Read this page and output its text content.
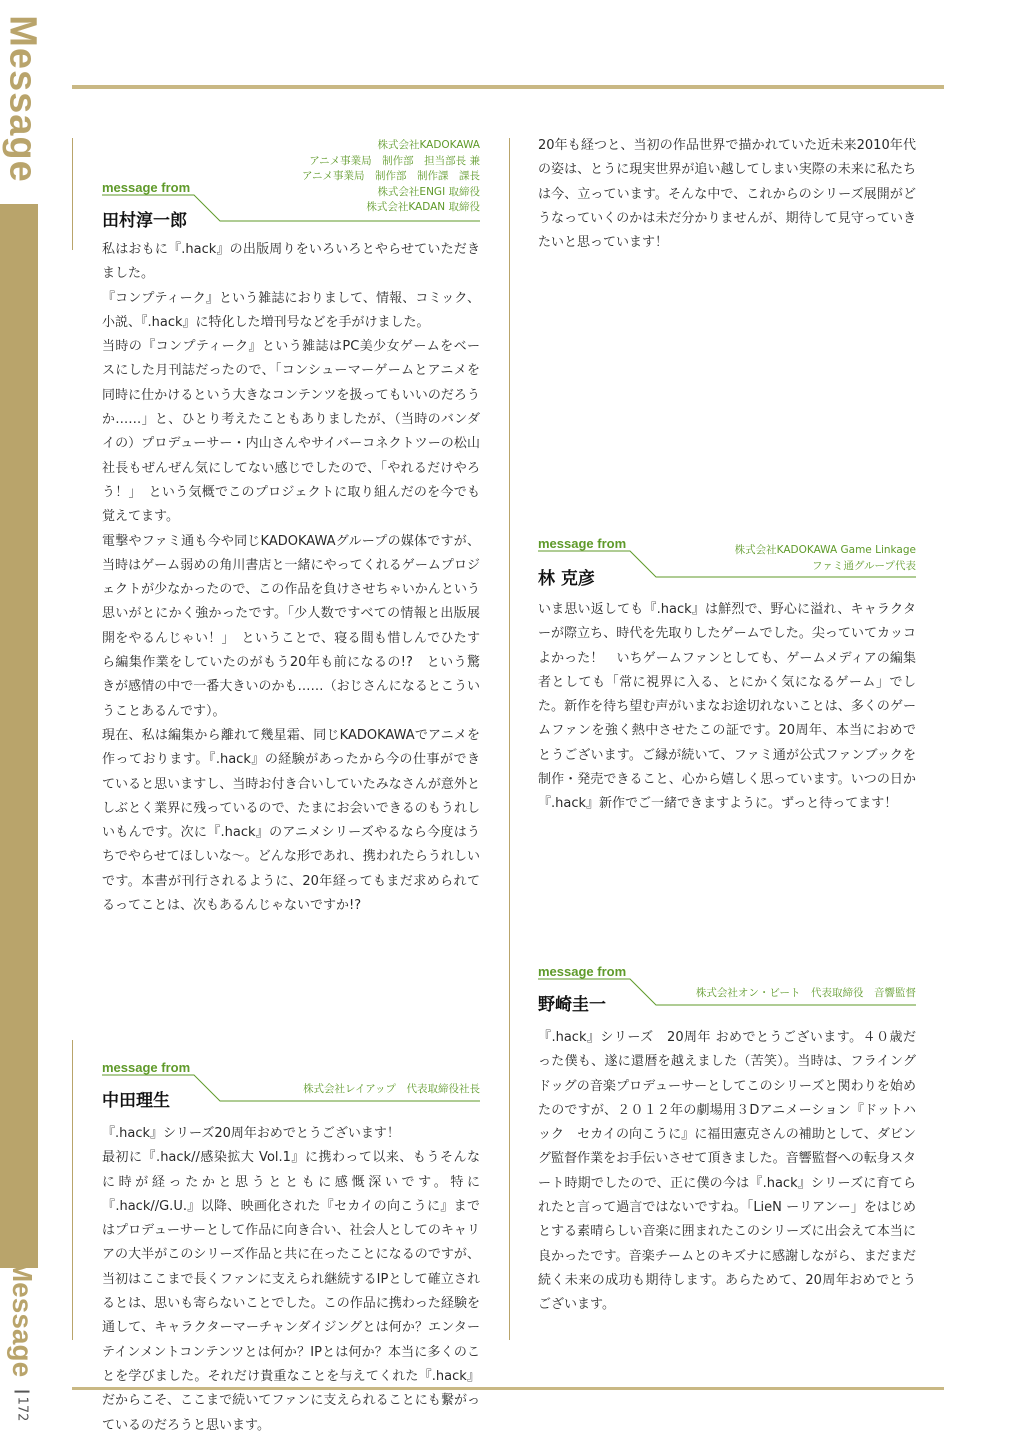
Message
Message
172
株式会社KADOKAWA
アニメ事業局　制作部　担当部長 兼
アニメ事業局　制作部　制作課　課長
株式会社ENGI 取締役
株式会社KADAN 取締役
message from
田村淳一郎

私はおもに『.hack』の出版周りをいろいろとやらせていただきました。

『コンプティーク』という雑誌におりまして、情報、コミック、小説、『.hack』に特化した増刊号などを手がけました。

当時の『コンプティーク』という雑誌はPC美少女ゲームをベースにした月刊誌だったので、「コンシューマーゲームとアニメを同時に仕かけるという大きなコンテンツを扱ってもいいのだろうか……」と、ひとり考えたこともありましたが、（当時のバンダイの）プロデューサー・内山さんやサイバーコネクトツーの松山社長もぜんぜん気にしてない感じでしたので、「やれるだけやろう！」　という気概でこのプロジェクトに取り組んだのを今でも覚えてます。

電撃やファミ通も今や同じKADOKAWAグループの媒体ですが、当時はゲーム弱めの角川書店と一緒にやってくれるゲームプロジェクトが少なかったので、この作品を負けさせちゃいかんという思いがとにかく強かったです。「少人数ですべての情報と出版展開をやるんじゃい！」　ということで、寝る間も惜しんでひたすら編集作業をしていたのがもう20年も前になるの!?　という驚きが感情の中で一番大きいのかも……（おじさんになるとこういうことあるんです）。

現在、私は編集から離れて幾星霜、同じKADOKAWAでアニメを作っております。『.hack』の経験があったから今の仕事ができていると思いますし、当時お付き合いしていたみなさんが意外としぶとく業界に残っているので、たまにお会いできるのもうれしいもんです。次に『.hack』のアニメシリーズやるなら今度はうちでやらせてほしいな〜。どんな形であれ、携われたらうれしいです。本書が刊行されるように、20年経ってもまだ求められてるってことは、次もあるんじゃないですか!?

株式会社レイアップ　代表取締役社長
message from
中田理生

『.hack』シリーズ20周年おめでとうございます！

最初に『.hack//感染拡大 Vol.1』に携わって以来、もうそんなに時が経ったかと思うとともに感慨深いです。特に『.hack//G.U.』以降、映画化された『セカイの向こうに』まではプロデューサーとして作品に向き合い、社会人としてのキャリアの大半がこのシリーズ作品と共に在ったことになるのですが、当初はここまで長くファンに支えられ継続するIPとして確立されるとは、思いも寄らないことでした。この作品に携わった経験を通して、キャラクターマーチャンダイジングとは何か？エンターテインメントコンテンツとは何か？IPとは何か？本当に多くのことを学びました。それだけ貴重なことを与えてくれた『.hack』だからこそ、ここまで続いてファンに支えられることにも繋がっているのだろうと思います。

20年も経つと、当初の作品世界で描かれていた近未来2010年代の姿は、とうに現実世界が追い越してしまい実際の未来に私たちは今、立っています。そんな中で、これからのシリーズ展開がどうなっていくのかは未だ分かりませんが、期待して見守っていきたいと思っています！

株式会社KADOKAWA Game Linkage
ファミ通グループ代表
message from
林 克彦

いま思い返しても『.hack』は鮮烈で、野心に溢れ、キャラクターが際立ち、時代を先取りしたゲームでした。尖っていてカッコよかった！　いちゲームファンとしても、ゲームメディアの編集者としても「常に視界に入る、とにかく気になるゲーム」でした。新作を待ち望む声がいまなお途切れないことは、多くのゲームファンを強く熱中させたこの証です。20周年、本当におめでとうございます。ご縁が続いて、ファミ通が公式ファンブックを制作・発売できること、心から嬉しく思っています。いつの日か『.hack』新作でご一緒できますように。ずっと待ってます！

株式会社オン・ビート　代表取締役　音響監督
message from
野崎圭一

『.hack』シリーズ　20周年 おめでとうございます。４０歳だった僕も、遂に還暦を越えました（苦笑）。当時は、フライングドッグの音楽プロデューサーとしてこのシリーズと関わりを始めたのですが、２０１２年の劇場用３Dアニメーション『ドットハック　セカイの向こうに』に福田憲克さんの補助として、ダビング監督作業をお手伝いさせて頂きました。音響監督への転身スタート時期でしたので、正に僕の今は『.hack』シリーズに育てられたと言って過言ではないですね。「LieN ーリアンー」をはじめとする素晴らしい音楽に囲まれたこのシリーズに出会えて本当に良かったです。音楽チームとのキズナに感謝しながら、まだまだ続く未来の成功も期待します。あらためて、20周年おめでとうございます。
